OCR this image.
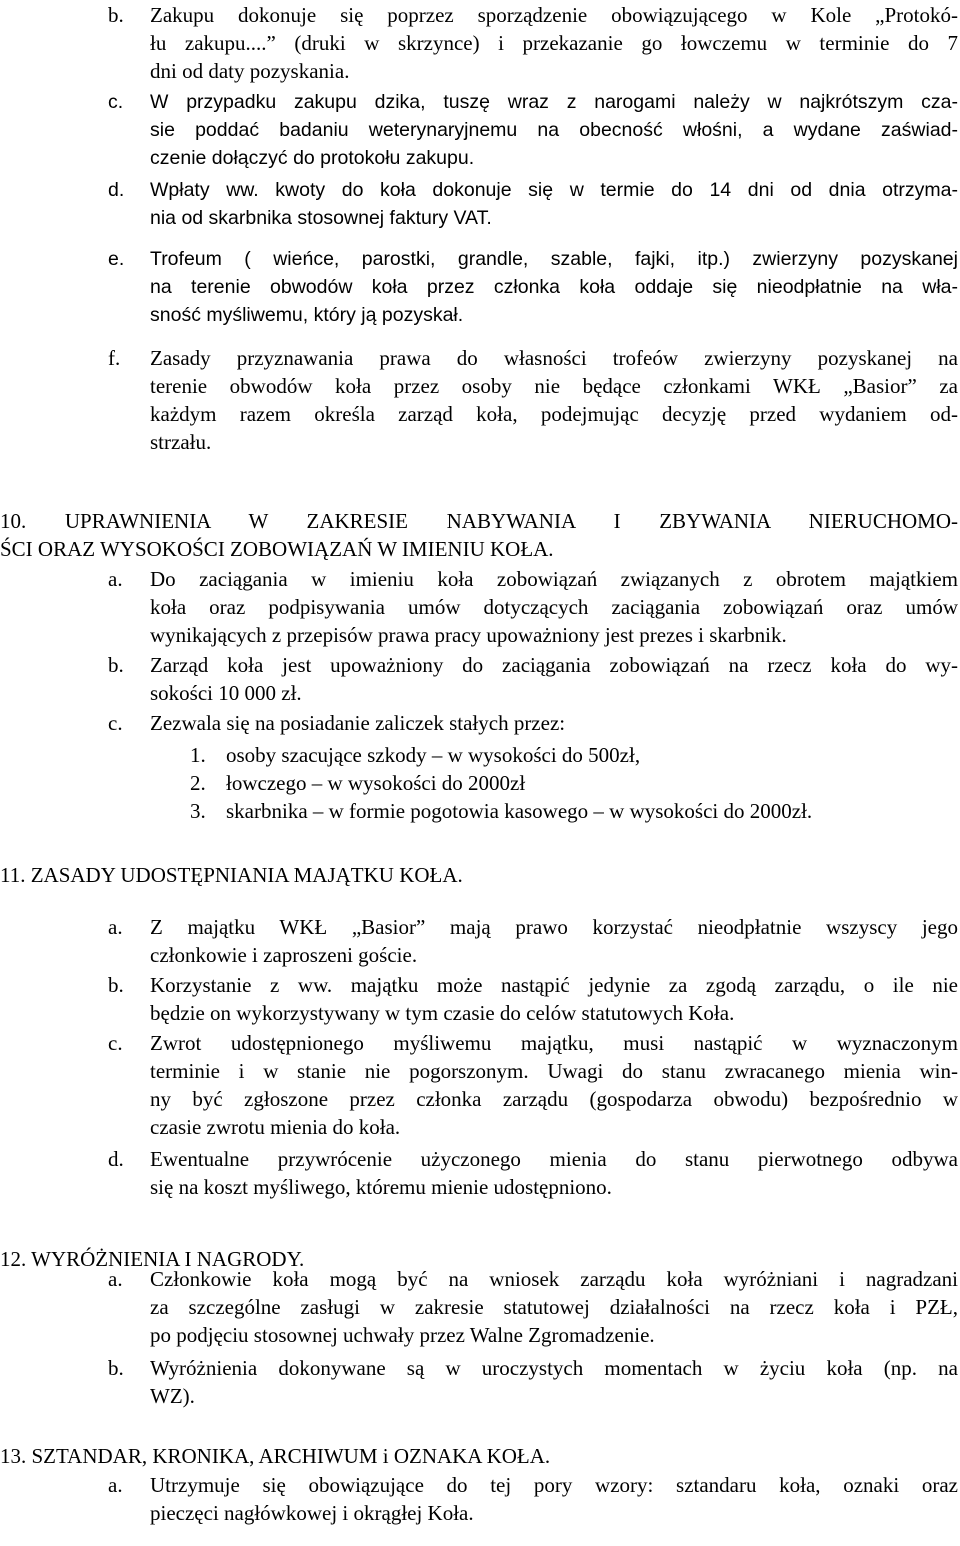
b. Zakupu dokonuje się poprzez sporządzenie obowiązującego w Kole „Protokó-
łu zakupu....” (druki w skrzynce) i przekazanie go łowczemu w terminie do 7
dni od daty pozyskania.
c. W przypadku zakupu dzika, tuszę wraz z narogami należy w najkrótszym cza-
sie poddać badaniu weterynaryjnemu na obecność włośni, a wydane zaświad-
czenie dołączyć do protokołu zakupu.
d. Wpłaty ww. kwoty do koła dokonuje się w termie do 14 dni od dnia otrzyma-
nia od skarbnika stosownej faktury VAT.
e. Trofeum ( wieńce, parostki, grandle, szable, fajki, itp.) zwierzyny pozyskanej
na terenie obwodów koła przez członka koła oddaje się nieodpłatnie na wła-
sność myśliwemu, który ją pozyskał.
f. Zasady przyznawania prawa do własności trofeów zwierzyny pozyskanej na
terenie obwodów koła przez osoby nie będące członkami WKŁ „Basior” za
każdym razem określa zarząd koła, podejmując decyzję przed wydaniem od-
strzału.
10. UPRAWNIENIA W ZAKRESIE NABYWANIA I ZBYWANIA NIERUCHOMO-
ŚCI ORAZ WYSOKOŚCI ZOBOWIĄZAŃ W IMIENIU KOŁA.
a. Do zaciągania w imieniu koła zobowiązań związanych z obrotem majątkiem
koła oraz podpisywania umów dotyczących zaciągania zobowiązań oraz umów
wynikających z przepisów prawa pracy upoważniony jest prezes i skarbnik.
b. Zarząd koła jest upoważniony do zaciągania zobowiązań na rzecz koła do wy-
sokości 10 000 zł.
c. Zezwala się na posiadanie zaliczek stałych przez:
1. osoby szacujące szkody – w wysokości do 500zł,
2. łowczego – w wysokości do 2000zł
3. skarbnika – w formie pogotowia kasowego – w wysokości do 2000zł.
11. ZASADY UDOSTĘPNIANIA MAJĄTKU KOŁA.
a. Z majątku WKŁ „Basior” mają prawo korzystać nieodpłatnie wszyscy jego
członkowie i zaproszeni goście.
b. Korzystanie z ww. majątku może nastąpić jedynie za zgodą zarządu, o ile nie
będzie on wykorzystywany w tym czasie do celów statutowych Koła.
c. Zwrot udostępnionego myśliwemu majątku, musi nastąpić w wyznaczonym
terminie i w stanie nie pogorszonym. Uwagi do stanu zwracanego mienia win-
ny być zgłoszone przez członka zarządu (gospodarza obwodu) bezpośrednio w
czasie zwrotu mienia do koła.
d. Ewentualne przywrócenie użyczonego mienia do stanu pierwotnego odbywa
się na koszt myśliwego, któremu mienie udostępniono.
12. WYRÓŻNIENIA I NAGRODY.
a. Członkowie koła mogą być na wniosek zarządu koła wyróżniani i nagradzani
za szczególne zasługi w zakresie statutowej działalności na rzecz koła i PZŁ,
po podjęciu stosownej uchwały przez Walne Zgromadzenie.
b. Wyróżnienia dokonywane są w uroczystych momentach w życiu koła (np. na
WZ).
13. SZTANDAR, KRONIKA, ARCHIWUM i OZNAKA KOŁA.
a. Utrzymuje się obowiązujące do tej pory wzory: sztandaru koła, oznaki oraz
pieczęci nagłówkowej i okrągłej Koła.
